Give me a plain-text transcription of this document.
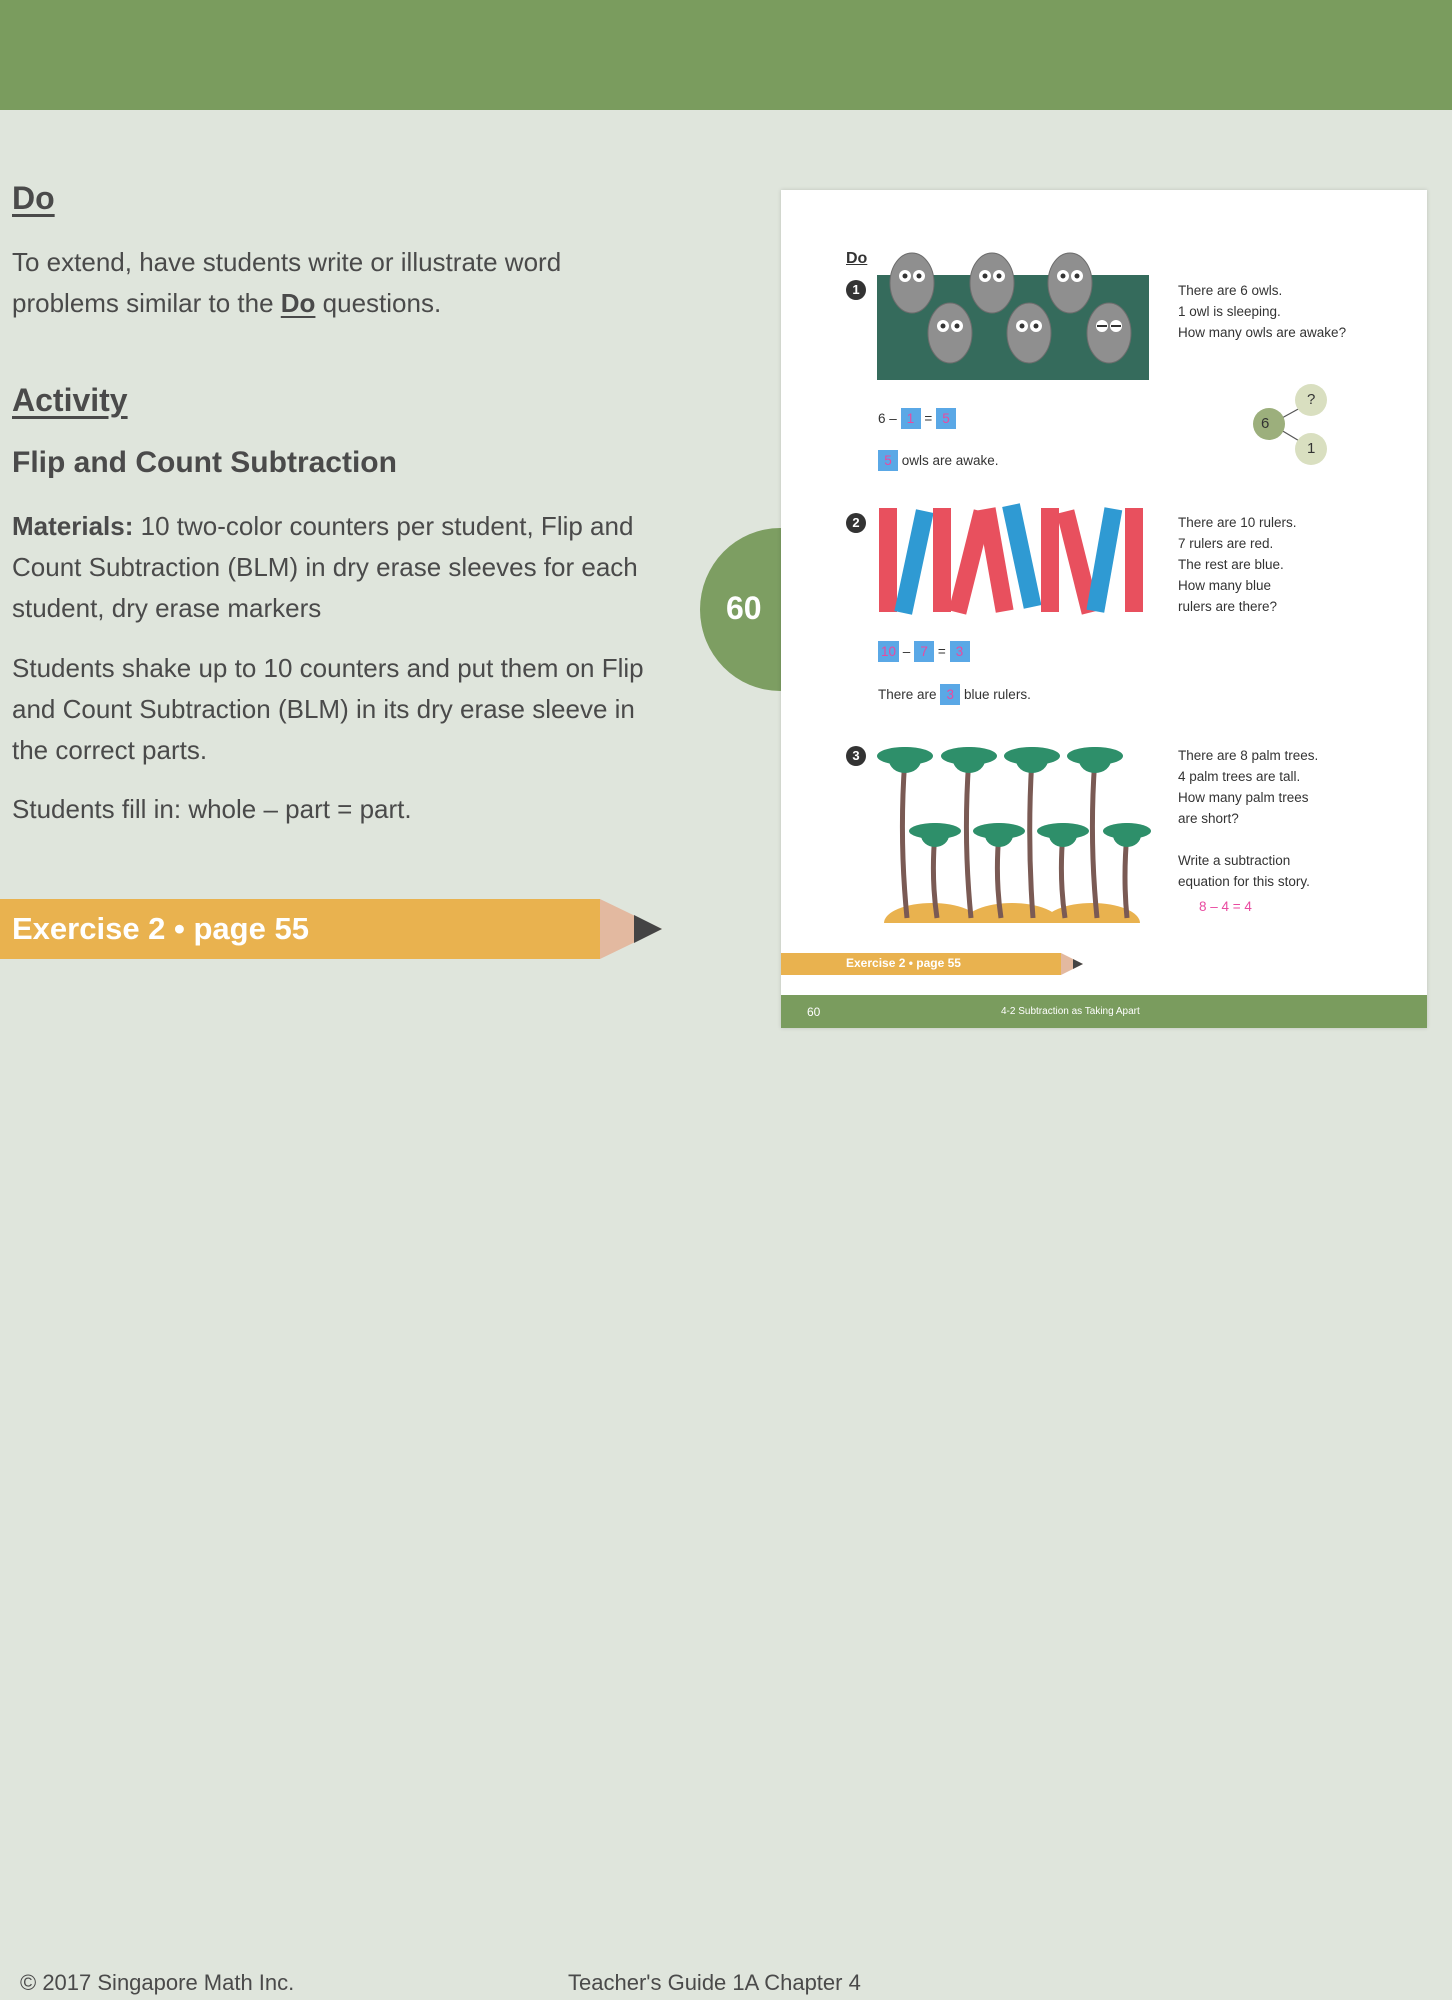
Do
To extend, have students write or illustrate word problems similar to the Do questions.
Activity
Flip and Count Subtraction
Materials: 10 two-color counters per student, Flip and Count Subtraction (BLM) in dry erase sleeves for each student, dry erase markers
Students shake up to 10 counters and put them on Flip and Count Subtraction (BLM) in its dry erase sleeve in the correct parts.
Students fill in: whole – part = part.
Exercise 2 • page 55
60
Do
1	There are 6 owls.
1 owl is sleeping.
How many owls are awake?
6 – 1 = 5
5 owls are awake.
6
?
1
2	There are 10 rulers.
7 rulers are red.
The rest are blue.
How many blue
rulers are there?
10 – 7 = 3
There are 3 blue rulers.
3	There are 8 palm trees.
4 palm trees are tall.
How many palm trees
are short?

Write a subtraction
equation for this story.
8 – 4 = 4
Exercise 2 • page 55
60	4-2 Subtraction as Taking Apart
© 2017 Singapore Math Inc.	Teacher's Guide 1A Chapter 4
